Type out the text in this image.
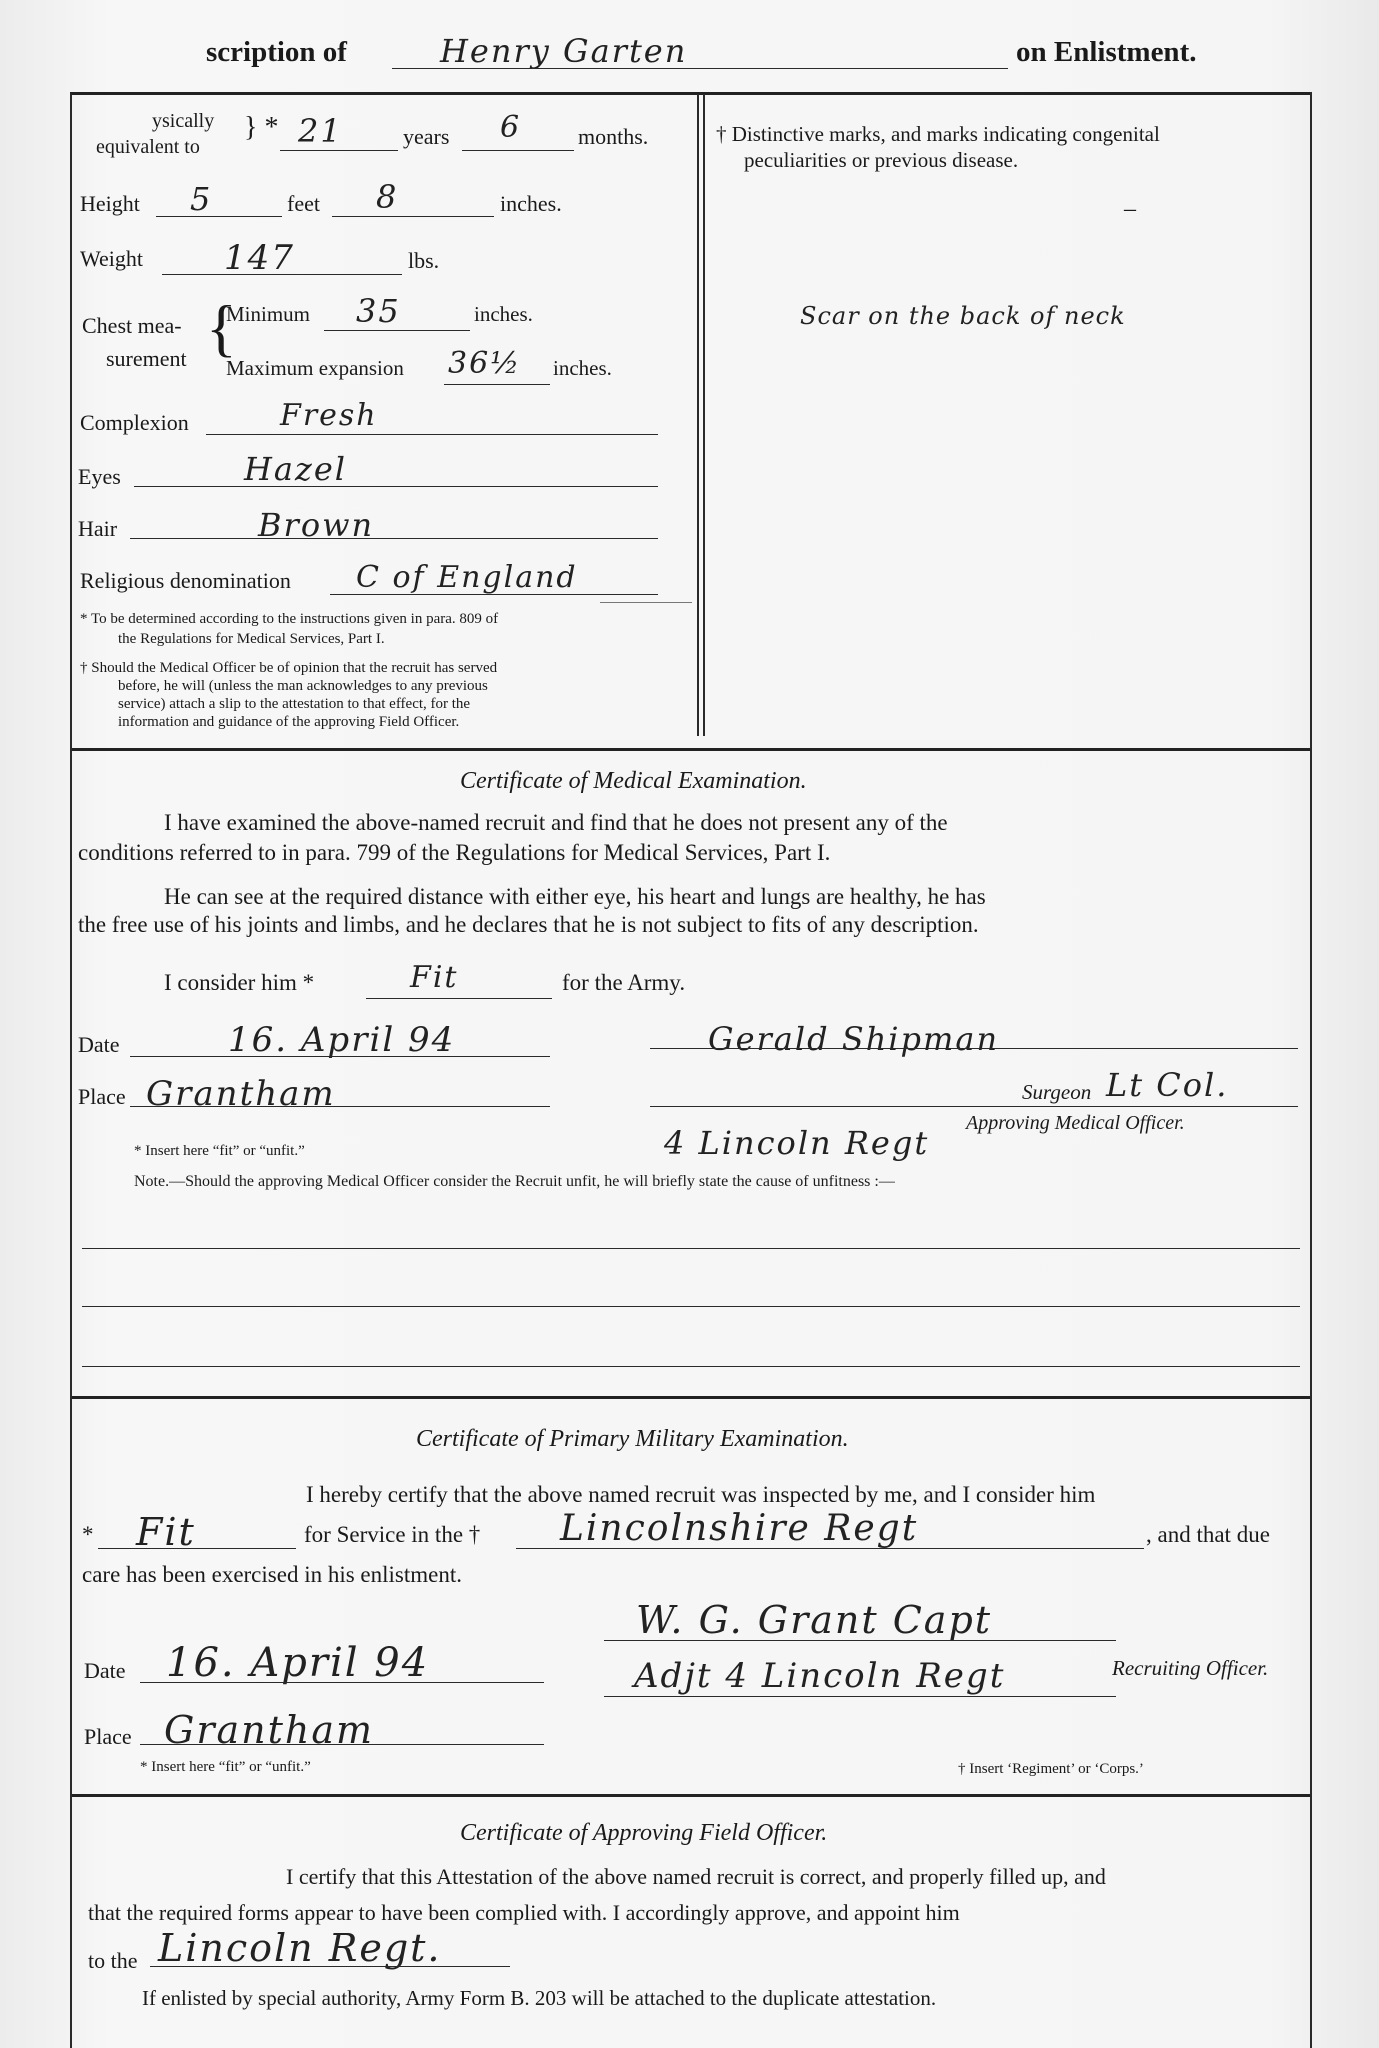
scription of	Henry Garten	on Enlistment.
ysically
equivalent to
} * 21	years 6	months.
Height 5	feet 8	inches.
Weight 147	lbs.
Chest mea-
surement {
Minimum 35	inches.
Maximum expansion 36½ inches.
Complexion	Fresh
Eyes	Hazel
Hair	Brown
Religious denomination C of England
* To be determined according to the instructions given in para. 809 of
the Regulations for Medical Services, Part I.
† Should the Medical Officer be of opinion that the recruit has served
before, he will (unless the man acknowledges to any previous
service) attach a slip to the attestation to that effect, for the
information and guidance of the approving Field Officer.
† Distinctive marks, and marks indicating congenital
peculiarities or previous disease.
–
Scar on the back of neck
Certificate of Medical Examination.
I have examined the above-named recruit and find that he does not present any of the
conditions referred to in para. 799 of the Regulations for Medical Services, Part I.
He can see at the required distance with either eye, his heart and lungs are healthy, he has
the free use of his joints and limbs, and he declares that he is not subject to fits of any description.
I consider him *	Fit	for the Army.
Date	16. April 94
Place Grantham
Gerald Shipman
Surgeon Lt Col.
Approving Medical Officer.
4 Lincoln Regt
* Insert here “fit” or “unfit.”
Note.—Should the approving Medical Officer consider the Recruit unfit, he will briefly state the cause of unfitness :—
Certificate of Primary Military Examination.
I hereby certify that the above named recruit was inspected by me, and I consider him
* Fit	for Service in the † Lincolnshire Regt	, and that due
care has been exercised in his enlistment.
Date 16. April 94
Place Grantham
W. G. Grant Capt
Adjt 4 Lincoln Regt	Recruiting Officer.
* Insert here “fit” or “unfit.”	† Insert ‘Regiment’ or ‘Corps.’
Certificate of Approving Field Officer.
I certify that this Attestation of the above named recruit is correct, and properly filled up, and
that the required forms appear to have been complied with. I accordingly approve, and appoint him
to the Lincoln Regt.
If enlisted by special authority, Army Form B. 203 will be attached to the duplicate attestation.
